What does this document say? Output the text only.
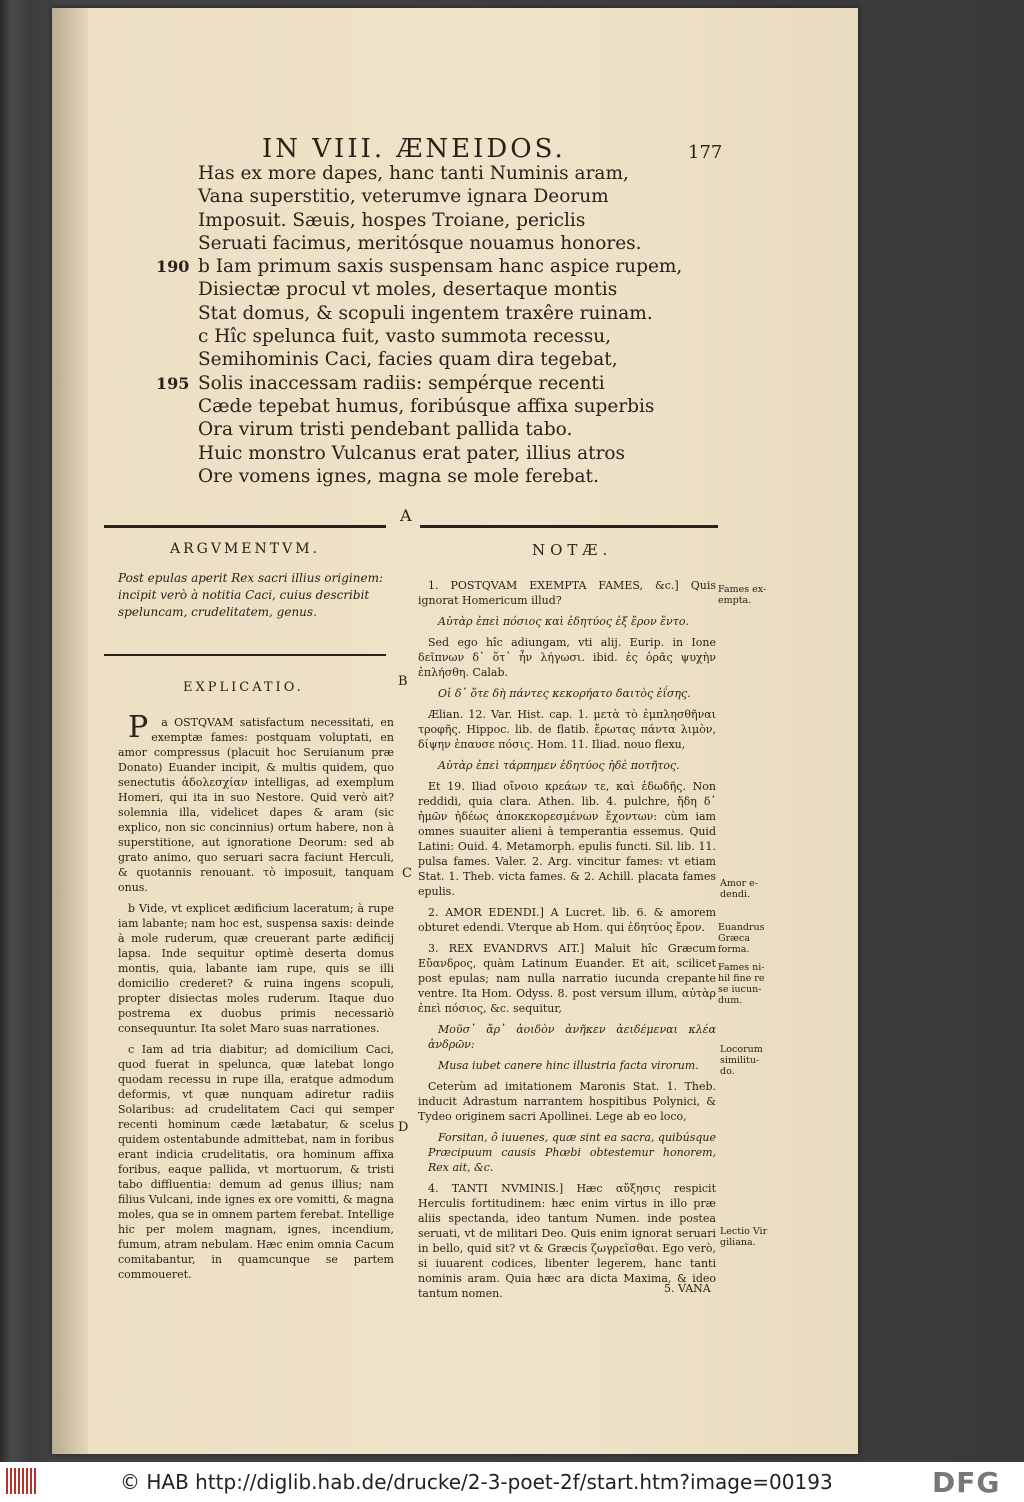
IN VIII. ÆNEIDOS.	177
Has ex more dapes, hanc tanti Numinis aram,
Vana superstitio, veterumve ignara Deorum
Imposuit. Sæuis, hospes Troiane, periclis
Seruati facimus, meritósque nouamus honores.
190 b Iam primum saxis suspensam hanc aspice rupem,
Disiectæ procul vt moles, desertaque montis
Stat domus, & scopuli ingentem traxêre ruinam.
c Hîc spelunca fuit, vasto summota recessu,
Semihominis Caci, facies quam dira tegebat,
195 Solis inaccessam radiis: sempérque recenti
Cæde tepebat humus, foribúsque affixa superbis
Ora virum tristi pendebant pallida tabo.
Huic monstro Vulcanus erat pater, illius atros
Ore vomens ignes, magna se mole ferebat.
A
ARGVMENTVM.	NOTÆ.
Post epulas aperit Rex sacri illius originem: incipit verò à notitia Caci, cuius describit speluncam, crudelitatem, genus.
EXPLICATIO.	B
C
D

P a OSTQVAM satisfactum necessitati, en exemptæ fames: postquam voluptati, en amor compressus (placuit hoc Seruianum præ Donato) Euander incipit, & multis quidem, quo senectutis ἀδολεσχίαν intelligas, ad exemplum Homeri, qui ita in suo Nestore. Quid verò ait? solemnia illa, videlicet dapes & aram (sic explico, non sic concinnius) ortum habere, non à superstitione, aut ignoratione Deorum: sed ab grato animo, quo seruari sacra faciunt Herculi, & quotannis renouant. τὸ imposuit, tanquam onus.

b Vide, vt explicet ædificium laceratum; à rupe iam labante; nam hoc est, suspensa saxis: deinde à mole ruderum, quæ creuerant parte ædificij lapsa. Inde sequitur optimè deserta domus montis, quia, labante iam rupe, quis se illi domicilio crederet? & ruina ingens scopuli, propter disiectas moles ruderum. Itaque duo postrema ex duobus primis necessariò consequuntur. Ita solet Maro suas narrationes.

c Iam ad tria diabitur; ad domicilium Caci, quod fuerat in spelunca, quæ latebat longo quodam recessu in rupe illa, eratque admodum deformis, vt quæ nunquam adiretur radiis Solaribus: ad crudelitatem Caci qui semper recenti hominum cæde lætabatur, & scelus quidem ostentabunde admittebat, nam in foribus erant indicia crudelitatis, ora hominum affixa foribus, eaque pallida, vt mortuorum, & tristi tabo diffluentia: demum ad genus illius; nam filius Vulcani, inde ignes ex ore vomitti, & magna moles, qua se in omnem partem ferebat. Intellige hic per molem magnam, ignes, incendium, fumum, atram nebulam. Hæc enim omnia Cacum comitabantur, in quamcunque se partem commoueret.

1. POSTQVAM EXEMPTA FAMES, &c.] Quis ignorat Homericum illud?

Αὐτὰρ ἐπεὶ πόσιος καὶ ἐδητύος ἐξ ἔρον ἕντο.

Sed ego hîc adiungam, vti alij. Eurip. in Ione δεῖπνων δ᾽ ὅτ᾽ ἦν λήγωσι. ibid. ἐς ὁρᾶς ψυχὴν ἐπλήσθη. Calab.

Οἱ δ᾽ ὅτε δὴ πάντες κεκορήατο δαιτὸς ἐΐσης.

Ælian. 12. Var. Hist. cap. 1. μετὰ τὸ ἐμπλησθῆναι τροφῆς. Hippoc. lib. de flatib. ἔρωτας πάντα λιμὸν, δίψην ἐπαυσε πόσις. Hom. 11. Iliad. nouo flexu,

Αὐτὰρ ἐπεὶ τάρπημεν ἐδητύος ἠδὲ ποτῆτος.

Et 19. Iliad οἴνοιο κρεάων τε, καὶ ἐδωδῆς. Non reddidi, quia clara. Athen. lib. 4. pulchre, ἤδη δ᾽ ἡμῶν ἡδέως ἀποκεκορεσμένων ἔχοντων: cùm iam omnes suauiter alieni à temperantia essemus. Quid Latini: Ouid. 4. Metamorph. epulis functi. Sil. lib. 11. pulsa fames. Valer. 2. Arg. vincitur fames: vt etiam Stat. 1. Theb. victa fames. & 2. Achill. placata fames epulis.

2. AMOR EDENDI.] A Lucret. lib. 6. & amorem obturet edendi. Vterque ab Hom. qui ἐδητύος ἔρον.

3. REX EVANDRVS AIT.] Maluit hîc Græcum Εὔανδρος, quàm Latinum Euander. Et ait, scilicet post epulas; nam nulla narratio iucunda crepante ventre. Ita Hom. Odyss. 8. post versum illum, αὐτὰρ ἐπεὶ πόσιος, &c. sequitur,

Μοῦσ᾽ ἄρ᾽ ἀοιδὸν ἀνῆκεν ἀειδέμεναι κλέα ἀνδρῶν:

Musa iubet canere hinc illustria facta virorum.

Ceterùm ad imitationem Maronis Stat. 1. Theb. inducit Adrastum narrantem hospitibus Polynici, & Tydeo originem sacri Apollinei. Lege ab eo loco,

Forsitan, ô iuuenes, quæ sint ea sacra, quibúsque Præcipuum causis Phœbi obtestemur honorem, Rex ait, &c.

4. TANTI NVMINIS.] Hæc αὔξησις respicit Herculis fortitudinem: hæc enim virtus in illo præ aliis spectanda, ideo tantum Numen. inde postea seruati, vt de militari Deo. Quis enim ignorat seruari in bello, quid sit? vt & Græcis ζωγρεῖσθαι. Ego verò, si iuuarent codices, libenter legerem, hanc tanti nominis aram. Quia hæc ara dicta Maxima, & ideo tantum nomen.

Fames ex-
empta.
Amor e-
dendi.
Euandrus
Græca
forma.
Fames ni-
hil fine re
se iucun-
dum.
Locorum
similitu-
do.
Lectio Vir
giliana.
5. VANA
© HAB http://diglib.hab.de/drucke/2-3-poet-2f/start.htm?image=00193	DFG
